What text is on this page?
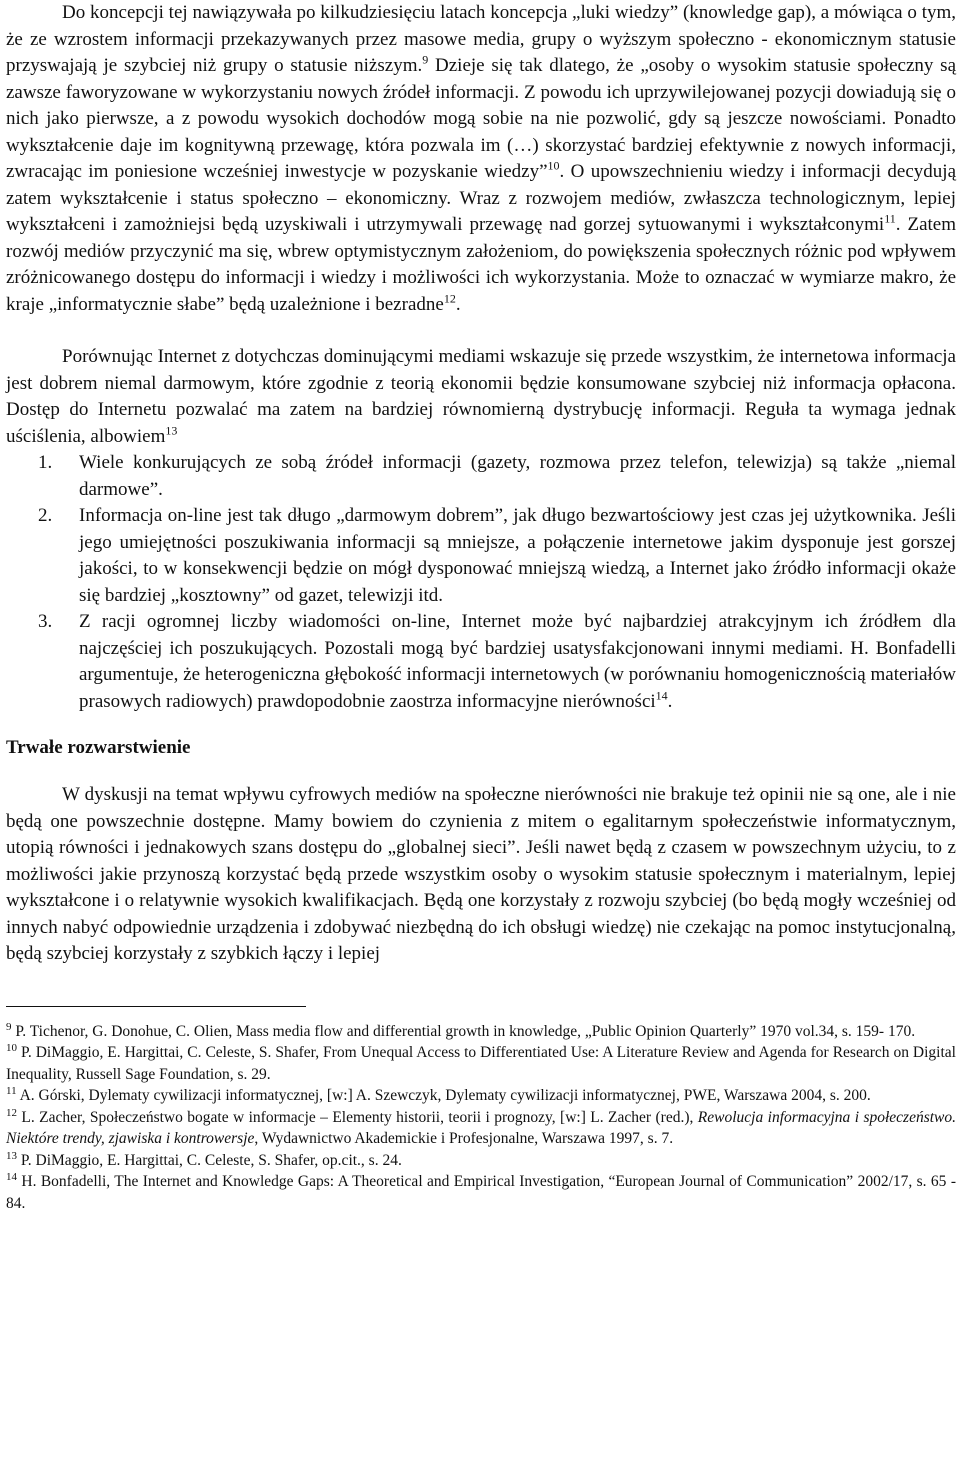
Do koncepcji tej nawiązywała po kilkudziesięciu latach koncepcja „luki wiedzy” (knowledge gap), a mówiąca o tym, że ze wzrostem informacji przekazywanych przez masowe media, grupy o wyższym społeczno - ekonomicznym statusie przyswajają je szybciej niż grupy o statusie niższym.$^9$ Dzieje się tak dlatego, że „osoby o wysokim statusie społeczny są zawsze faworyzowane w wykorzystaniu nowych źródeł informacji. Z powodu ich uprzywilejowanej pozycji dowiadują się o nich jako pierwsze, a z powodu wysokich dochodów mogą sobie na nie pozwolić, gdy są jeszcze nowościami. Ponadto wykształcenie daje im kognitywną przewagę, która pozwala im (…) skorzystać bardziej efektywnie z nowych informacji, zwracając im poniesione wcześniej inwestycje w pozyskanie wiedzy”$^{10}$. O upowszechnieniu wiedzy i informacji decydują zatem wykształcenie i status społeczno – ekonomiczny. Wraz z rozwojem mediów, zwłaszcza technologicznym, lepiej wykształceni i zamożniejsi będą uzyskiwali i utrzymywali przewagę nad gorzej sytuowanymi i wykształconymi$^{11}$. Zatem rozwój mediów przyczynić ma się, wbrew optymistycznym założeniom, do powiększenia społecznych różnic pod wpływem zróżnicowanego dostępu do informacji i wiedzy i możliwości ich wykorzystania. Może to oznaczać w wymiarze makro, że kraje „informatycznie słabe” będą uzależnione i bezradne$^{12}$.

Porównując Internet z dotychczas dominującymi mediami wskazuje się przede wszystkim, że internetowa informacja jest dobrem niemal darmowym, które zgodnie z teorią ekonomii będzie konsumowane szybciej niż informacja opłacona. Dostęp do Internetu pozwalać ma zatem na bardziej równomierną dystrybucję informacji. Reguła ta wymaga jednak uściślenia, albowiem$^{13}$

1. Wiele konkurujących ze sobą źródeł informacji (gazety, rozmowa przez telefon, telewizja) są także „niemal darmowe”.
2. Informacja on-line jest tak długo „darmowym dobrem”, jak długo bezwartościowy jest czas jej użytkownika. Jeśli jego umiejętności poszukiwania informacji są mniejsze, a połączenie internetowe jakim dysponuje jest gorszej jakości, to w konsekwencji będzie on mógł dysponować mniejszą wiedzą, a Internet jako źródło informacji okaże się bardziej „kosztowny” od gazet, telewizji itd.
3. Z racji ogromnej liczby wiadomości on-line, Internet może być najbardziej atrakcyjnym ich źródłem dla najczęściej ich poszukujących. Pozostali mogą być bardziej usatysfakcjonowani innymi mediami. H. Bonfadelli argumentuje, że heterogeniczna głębokość informacji internetowych (w porównaniu homogenicznością materiałów prasowych radiowych) prawdopodobnie zaostrza informacyjne nierówności$^{14}$.

Trwałe rozwarstwienie

W dyskusji na temat wpływu cyfrowych mediów na społeczne nierówności nie brakuje też opinii nie są one, ale i nie będą one powszechnie dostępne. Mamy bowiem do czynienia z mitem o egalitarnym społeczeństwie informatycznym, utopią równości i jednakowych szans dostępu do „globalnej sieci”. Jeśli nawet będą z czasem w powszechnym użyciu, to z możliwości jakie przynoszą korzystać będą przede wszystkim osoby o wysokim statusie społecznym i materialnym, lepiej wykształcone i o relatywnie wysokich kwalifikacjach. Będą one korzystały z rozwoju szybciej (bo będą mogły wcześniej od innych nabyć odpowiednie urządzenia i zdobywać niezbędną do ich obsługi wiedzę) nie czekając na pomoc instytucjonalną, będą szybciej korzystały z szybkich łączy i lepiej

$^9$ P. Tichenor, G. Donohue, C. Olien, Mass media flow and differential growth in knowledge, „Public Opinion Quarterly” 1970 vol.34, s. 159- 170.

$^{10}$ P. DiMaggio, E. Hargittai, C. Celeste, S. Shafer, From Unequal Access to Differentiated Use: A Literature Review and Agenda for Research on Digital Inequality, Russell Sage Foundation, s. 29.

$^{11}$ A. Górski, Dylematy cywilizacji informatycznej, [w:] A. Szewczyk, Dylematy cywilizacji informatycznej, PWE, Warszawa 2004, s. 200.

$^{12}$ L. Zacher, Społeczeństwo bogate w informacje – Elementy historii, teorii i prognozy, [w:] L. Zacher (red.), Rewolucja informacyjna i społeczeństwo. Niektóre trendy, zjawiska i kontrowersje, Wydawnictwo Akademickie i Profesjonalne, Warszawa 1997, s. 7.

$^{13}$ P. DiMaggio, E. Hargittai, C. Celeste, S. Shafer, op.cit., s. 24.

$^{14}$ H. Bonfadelli, The Internet and Knowledge Gaps: A Theoretical and Empirical Investigation, “European Journal of Communication” 2002/17, s. 65 - 84.
